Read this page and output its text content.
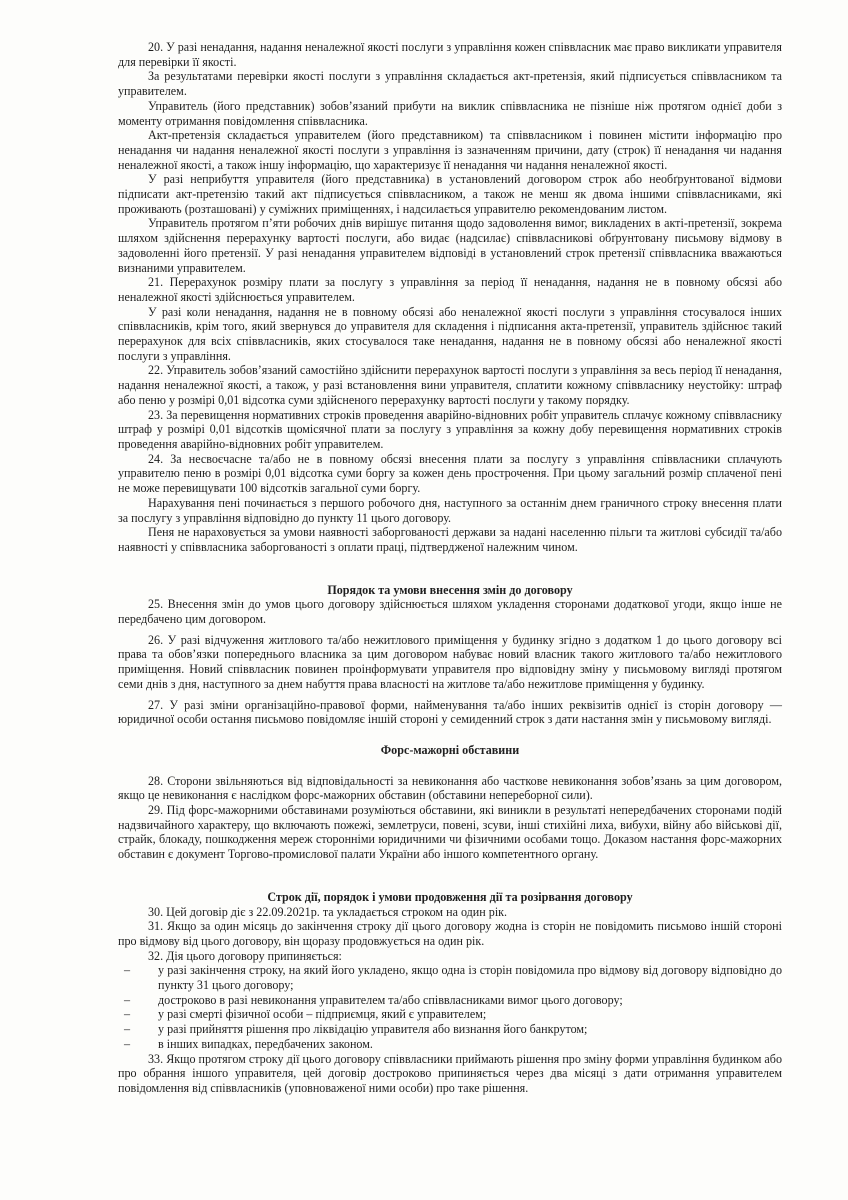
20. У разі ненадання, надання неналежної якості послуги з управління кожен співвласник має право викликати управителя для перевірки її якості.

За результатами перевірки якості послуги з управління складається акт-претензія, який підписується співвласником та управителем.

Управитель (його представник) зобов’язаний прибути на виклик співвласника не пізніше ніж протягом однієї доби з моменту отримання повідомлення співвласника.

Акт-претензія складається управителем (його представником) та співвласником і повинен містити інформацію про ненадання чи надання неналежної якості послуги з управління із зазначенням причини, дату (строк) її ненадання чи надання неналежної якості, а також іншу інформацію, що характеризує її ненадання чи надання неналежної якості.

У разі неприбуття управителя (його представника) в установлений договором строк або необґрунтованої відмови підписати акт-претензію такий акт підписується співвласником, а також не менш як двома іншими співвласниками, які проживають (розташовані) у суміжних приміщеннях, і надсилається управителю рекомендованим листом.

Управитель протягом п’яти робочих днів вирішує питання щодо задоволення вимог, викладених в акті-претензії, зокрема шляхом здійснення перерахунку вартості послуги, або видає (надсилає) співвласникові обґрунтовану письмову відмову в задоволенні його претензії. У разі ненадання управителем відповіді в установлений строк претензії співвласника вважаються визнаними управителем.

21. Перерахунок розміру плати за послугу з управління за період її ненадання, надання не в повному обсязі або неналежної якості здійснюється управителем.

У разі коли ненадання, надання не в повному обсязі або неналежної якості послуги з управління стосувалося інших співвласників, крім того, який звернувся до управителя для складення і підписання акта-претензії, управитель здійснює такий перерахунок для всіх співвласників, яких стосувалося таке ненадання, надання не в повному обсязі або неналежної якості послуги з управління.

22. Управитель зобов’язаний самостійно здійснити перерахунок вартості послуги з управління за весь період її ненадання, надання неналежної якості, а також, у разі встановлення вини управителя, сплатити кожному співвласнику неустойку: штраф або пеню у розмірі 0,01 відсотка суми здійсненого перерахунку вартості послуги у такому порядку.

23. За перевищення нормативних строків проведення аварійно-відновних робіт управитель сплачує кожному співвласнику штраф у розмірі 0,01 відсотків щомісячної плати за послугу з управління за кожну добу перевищення нормативних строків проведення аварійно-відновних робіт управителем.

24. За несвоєчасне та/або не в повному обсязі внесення плати за послугу з управління співвласники сплачують управителю пеню в розмірі 0,01 відсотка суми боргу за кожен день прострочення. При цьому загальний розмір сплаченої пені не може перевищувати 100 відсотків загальної суми боргу.

Нарахування пені починається з першого робочого дня, наступного за останнім днем граничного строку внесення плати за послугу з управління відповідно до пункту 11 цього договору.

Пеня не нараховується за умови наявності заборгованості держави за надані населенню пільги та житлові субсидії та/або наявності у співвласника заборгованості з оплати праці, підтвердженої належним чином.

Порядок та умови внесення змін до договору

25. Внесення змін до умов цього договору здійснюється шляхом укладення сторонами додаткової угоди, якщо інше не передбачено цим договором.

26. У разі відчуження житлового та/або нежитлового приміщення у будинку згідно з додатком 1 до цього договору всі права та обов’язки попереднього власника за цим договором набуває новий власник такого житлового та/або нежитлового приміщення. Новий співвласник повинен проінформувати управителя про відповідну зміну у письмовому вигляді протягом семи днів з дня, наступного за днем набуття права власності на житлове та/або нежитлове приміщення у будинку.

27. У разі зміни організаційно-правової форми, найменування та/або інших реквізитів однієї із сторін договору — юридичної особи остання письмово повідомляє іншій стороні у семиденний строк з дати настання змін у письмовому вигляді.

Форс-мажорні обставини

28. Сторони звільняються від відповідальності за невиконання або часткове невиконання зобов’язань за цим договором, якщо це невиконання є наслідком форс-мажорних обставин (обставини непереборної сили).

29. Під форс-мажорними обставинами розуміються обставини, які виникли в результаті непередбачених сторонами подій надзвичайного характеру, що включають пожежі, землетруси, повені, зсуви, інші стихійні лиха, вибухи, війну або військові дії, страйк, блокаду, пошкодження мереж сторонніми юридичними чи фізичними особами тощо. Доказом настання форс-мажорних обставин є документ Торгово-промислової палати України або іншого компетентного органу.

Строк дії, порядок і умови продовження дії та розірвання договору

30. Цей договір діє з 22.09.2021р. та укладається строком на один рік.

31. Якщо за один місяць до закінчення строку дії цього договору жодна із сторін не повідомить письмово іншій стороні про відмову від цього договору, він щоразу продовжується на один рік.

32. Дія цього договору припиняється:

– у разі закінчення строку, на який його укладено, якщо одна із сторін повідомила про відмову від договору відповідно до пункту 31 цього договору;
– достроково в разі невиконання управителем та/або співвласниками вимог цього договору;
– у разі смерті фізичної особи – підприємця, який є управителем;
– у разі прийняття рішення про ліквідацію управителя або визнання його банкрутом;
– в інших випадках, передбачених законом.

33. Якщо протягом строку дії цього договору співвласники приймають рішення про зміну форми управління будинком або про обрання іншого управителя, цей договір достроково припиняється через два місяці з дати отримання управителем повідомлення від співвласників (уповноваженої ними особи) про таке рішення.
